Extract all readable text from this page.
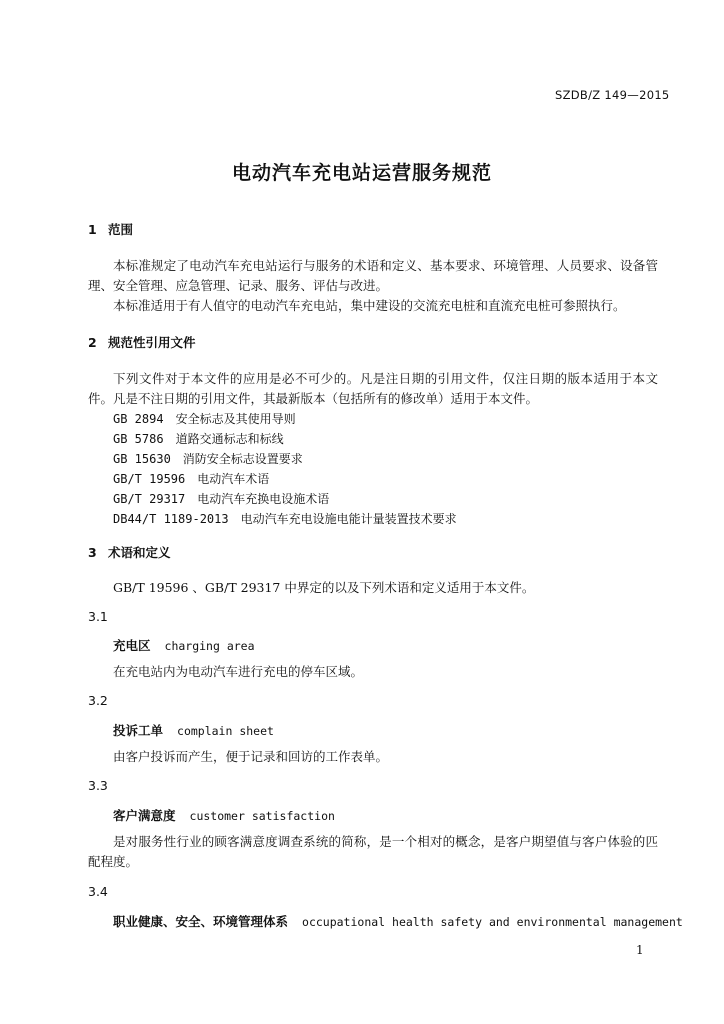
SZDB/Z 149—2015
电动汽车充电站运营服务规范
1 范围

本标准规定了电动汽车充电站运行与服务的术语和定义、基本要求、环境管理、人员要求、设备管理、安全管理、应急管理、记录、服务、评估与改进。

本标准适用于有人值守的电动汽车充电站，集中建设的交流充电桩和直流充电桩可参照执行。

2 规范性引用文件

下列文件对于本文件的应用是必不可少的。凡是注日期的引用文件，仅注日期的版本适用于本文件。凡是不注日期的引用文件，其最新版本（包括所有的修改单）适用于本文件。

GB 2894 安全标志及其使用导则
GB 5786 道路交通标志和标线
GB 15630 消防安全标志设置要求
GB/T 19596 电动汽车术语
GB/T 29317 电动汽车充换电设施术语
DB44/T 1189-2013 电动汽车充电设施电能计量装置技术要求
3 术语和定义
GB/T 19596 、GB/T 29317 中界定的以及下列术语和定义适用于本文件。
3.1
充电区 charging area
在充电站内为电动汽车进行充电的停车区域。
3.2
投诉工单 complain sheet
由客户投诉而产生，便于记录和回访的工作表单。
3.3
客户满意度 customer satisfaction

是对服务性行业的顾客满意度调查系统的简称，是一个相对的概念，是客户期望值与客户体验的匹配程度。

3.4
职业健康、安全、环境管理体系 occupational health safety and environmental management
1
